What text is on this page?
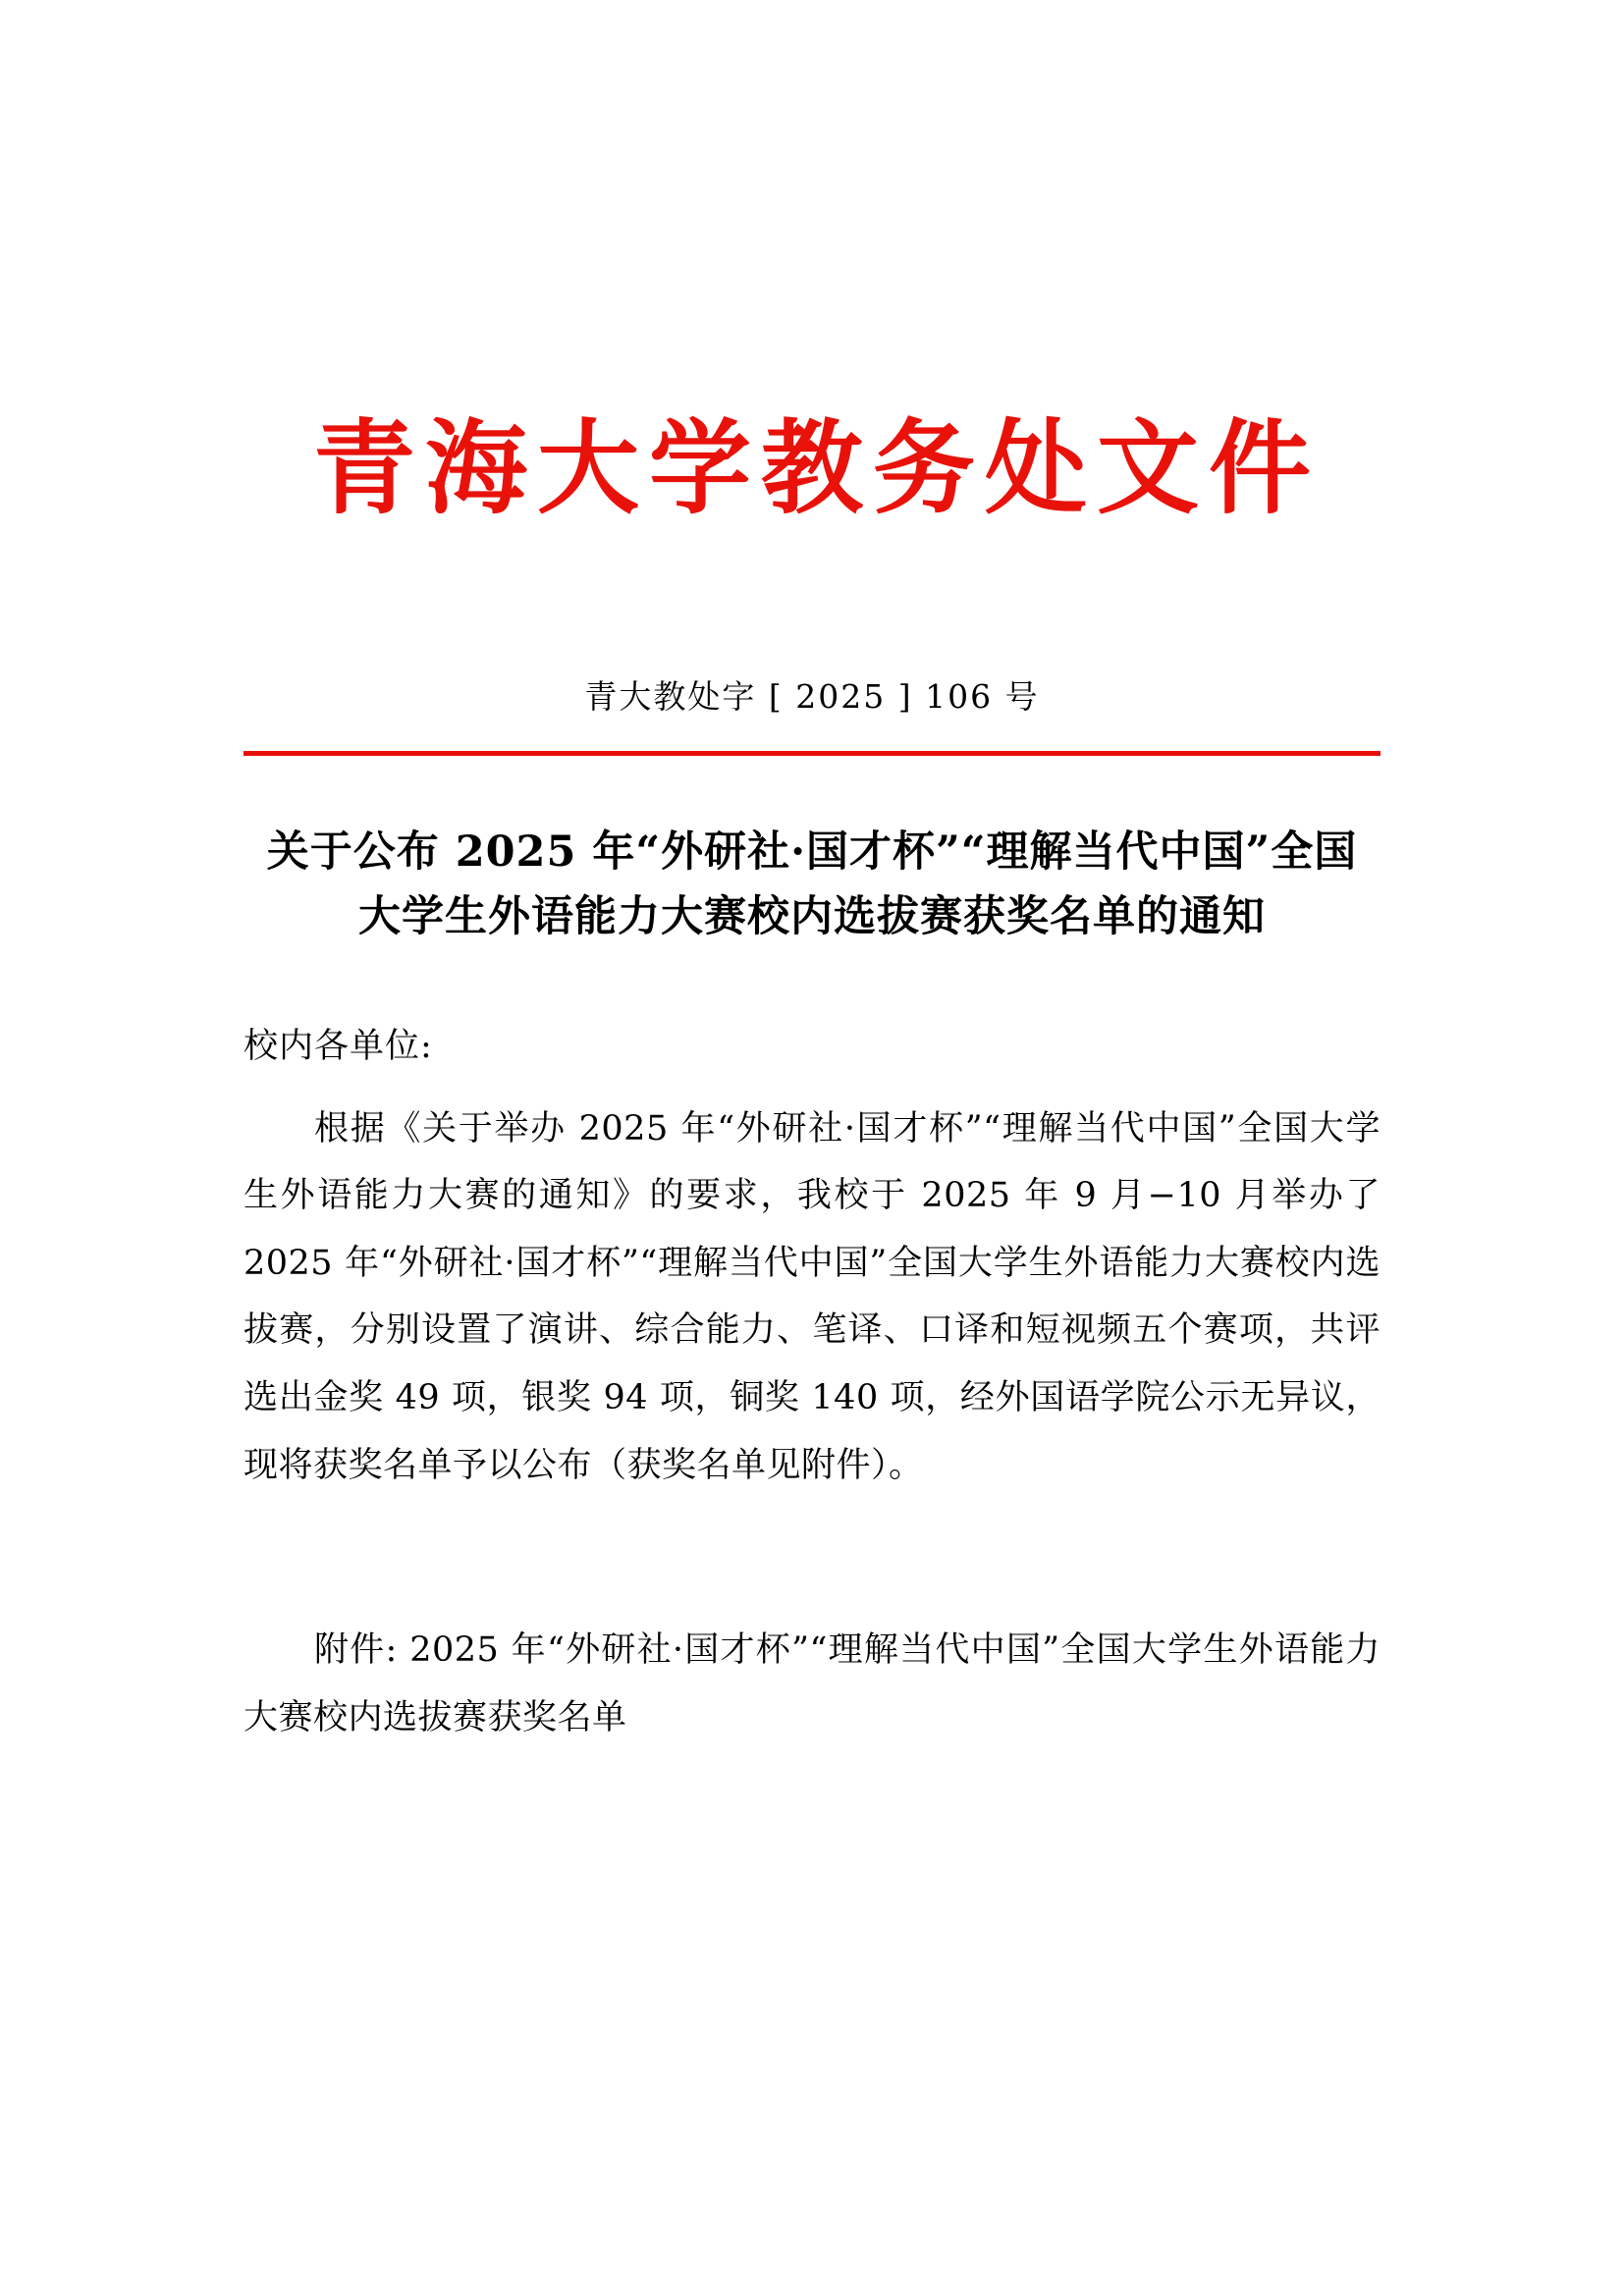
青海大学教务处文件
青大教处字 [ 2025 ] 106 号
关于公布 2025 年“外研社·国才杯”“理解当代中国”全国大学生外语能力大赛校内选拔赛获奖名单的通知
校内各单位:
根据《关于举办 2025 年“外研社·国才杯”“理解当代中国”全国大学生外语能力大赛的通知》的要求，我校于 2025 年 9 月−10 月举办了 2025 年“外研社·国才杯”“理解当代中国”全国大学生外语能力大赛校内选拔赛，分别设置了演讲、综合能力、笔译、口译和短视频五个赛项，共评选出金奖 49 项，银奖 94 项，铜奖 140 项，经外国语学院公示无异议，现将获奖名单予以公布（获奖名单见附件）。
附件: 2025 年“外研社·国才杯”“理解当代中国”全国大学生外语能力大赛校内选拔赛获奖名单
